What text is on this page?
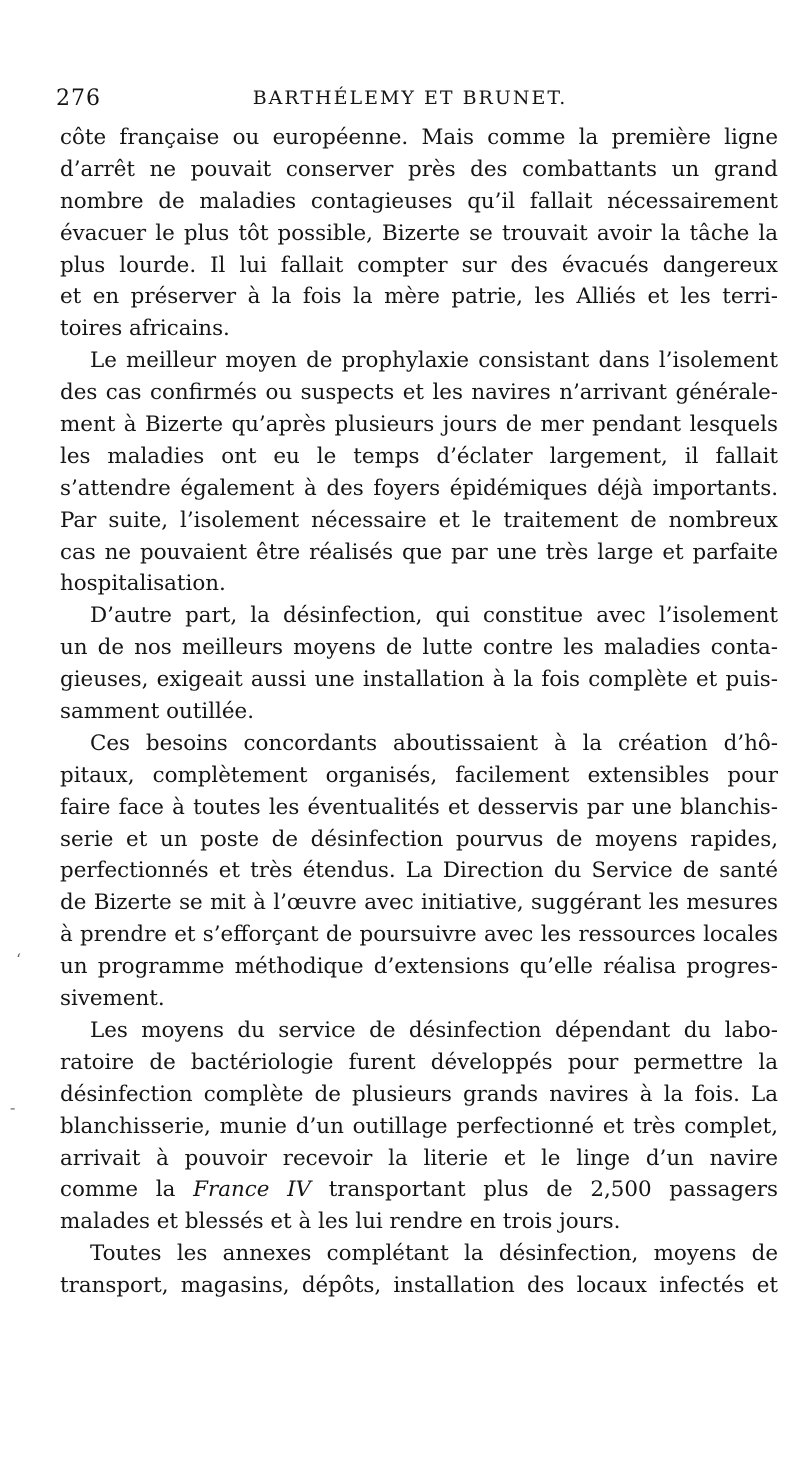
276	BARTHÉLEMY ET BRUNET.
côte française ou européenne. Mais comme la première ligne
d’arrêt ne pouvait conserver près des combattants un grand
nombre de maladies contagieuses qu’il fallait nécessairement
évacuer le plus tôt possible, Bizerte se trouvait avoir la tâche la
plus lourde. Il lui fallait compter sur des évacués dangereux
et en préserver à la fois la mère patrie, les Alliés et les terri-
toires africains.
Le meilleur moyen de prophylaxie consistant dans l’isolement
des cas confirmés ou suspects et les navires n’arrivant générale-
ment à Bizerte qu’après plusieurs jours de mer pendant lesquels
les maladies ont eu le temps d’éclater largement, il fallait
s’attendre également à des foyers épidémiques déjà importants.
Par suite, l’isolement nécessaire et le traitement de nombreux
cas ne pouvaient être réalisés que par une très large et parfaite
hospitalisation.
D’autre part, la désinfection, qui constitue avec l’isolement
un de nos meilleurs moyens de lutte contre les maladies conta-
gieuses, exigeait aussi une installation à la fois complète et puis-
samment outillée.
Ces besoins concordants aboutissaient à la création d’hô-
pitaux, complètement organisés, facilement extensibles pour
faire face à toutes les éventualités et desservis par une blanchis-
serie et un poste de désinfection pourvus de moyens rapides,
perfectionnés et très étendus. La Direction du Service de santé
de Bizerte se mit à l’œuvre avec initiative, suggérant les mesures
à prendre et s’efforçant de poursuivre avec les ressources locales
un programme méthodique d’extensions qu’elle réalisa progres-
sivement.
Les moyens du service de désinfection dépendant du labo-
ratoire de bactériologie furent développés pour permettre la
désinfection complète de plusieurs grands navires à la fois. La
blanchisserie, munie d’un outillage perfectionné et très complet,
arrivait à pouvoir recevoir la literie et le linge d’un navire
comme la France IV transportant plus de 2,500 passagers
malades et blessés et à les lui rendre en trois jours.
Toutes les annexes complétant la désinfection, moyens de
transport, magasins, dépôts, installation des locaux infectés et
‘
-
